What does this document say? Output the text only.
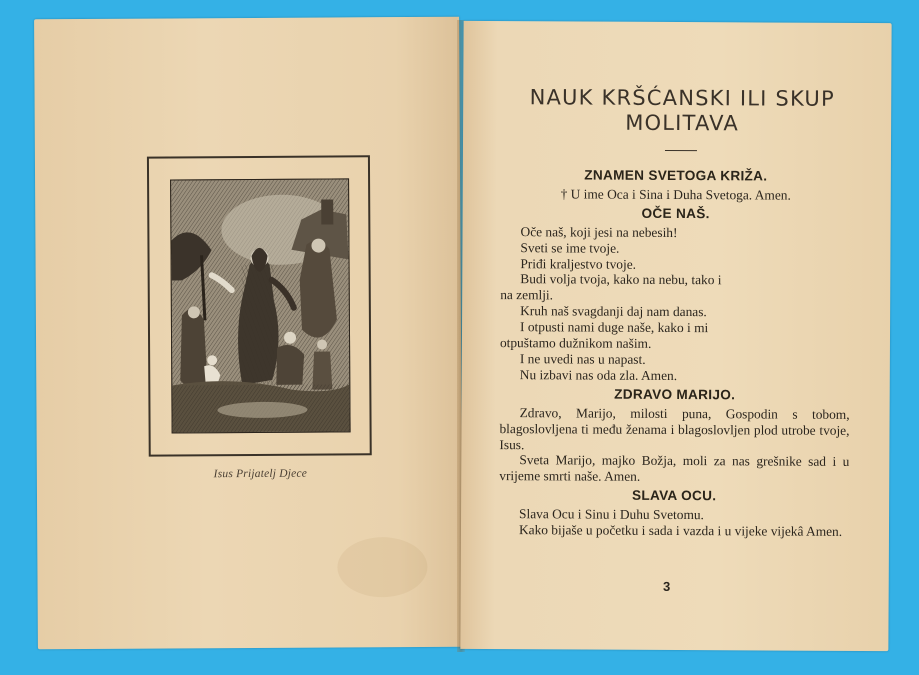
Isus Prijatelj Djece
NAUK KRŠĆANSKI ILI SKUP
MOLITAVA
ZNAMEN SVETOGA KRIŽA.
† U ime Oca i Sina i Duha Svetoga. Amen.
OČE NAŠ.
Oče naš, koji jesi na nebesih!
Sveti se ime tvoje.
Priđi kraljestvo tvoje.
Budi volja tvoja, kako na nebu, tako i
na zemlji.
Kruh naš svagdanji daj nam danas.
I otpusti nami duge naše, kako i mi
otpuštamo dužnikom našim.
I ne uvedi nas u napast.
Nu izbavi nas oda zla. Amen.
ZDRAVO MARIJO.
Zdravo, Marijo, milosti puna, Gospodin s tobom, blagoslovljena ti među ženama i blagoslovljen plod utrobe tvoje, Isus.
Sveta Marijo, majko Božja, moli za nas grešnike sad i u vrijeme smrti naše. Amen.
SLAVA OCU.
Slava Ocu i Sinu i Duhu Svetomu.
Kako bijaše u početku i sada i vazda i u vijeke vijekâ Amen.
3
